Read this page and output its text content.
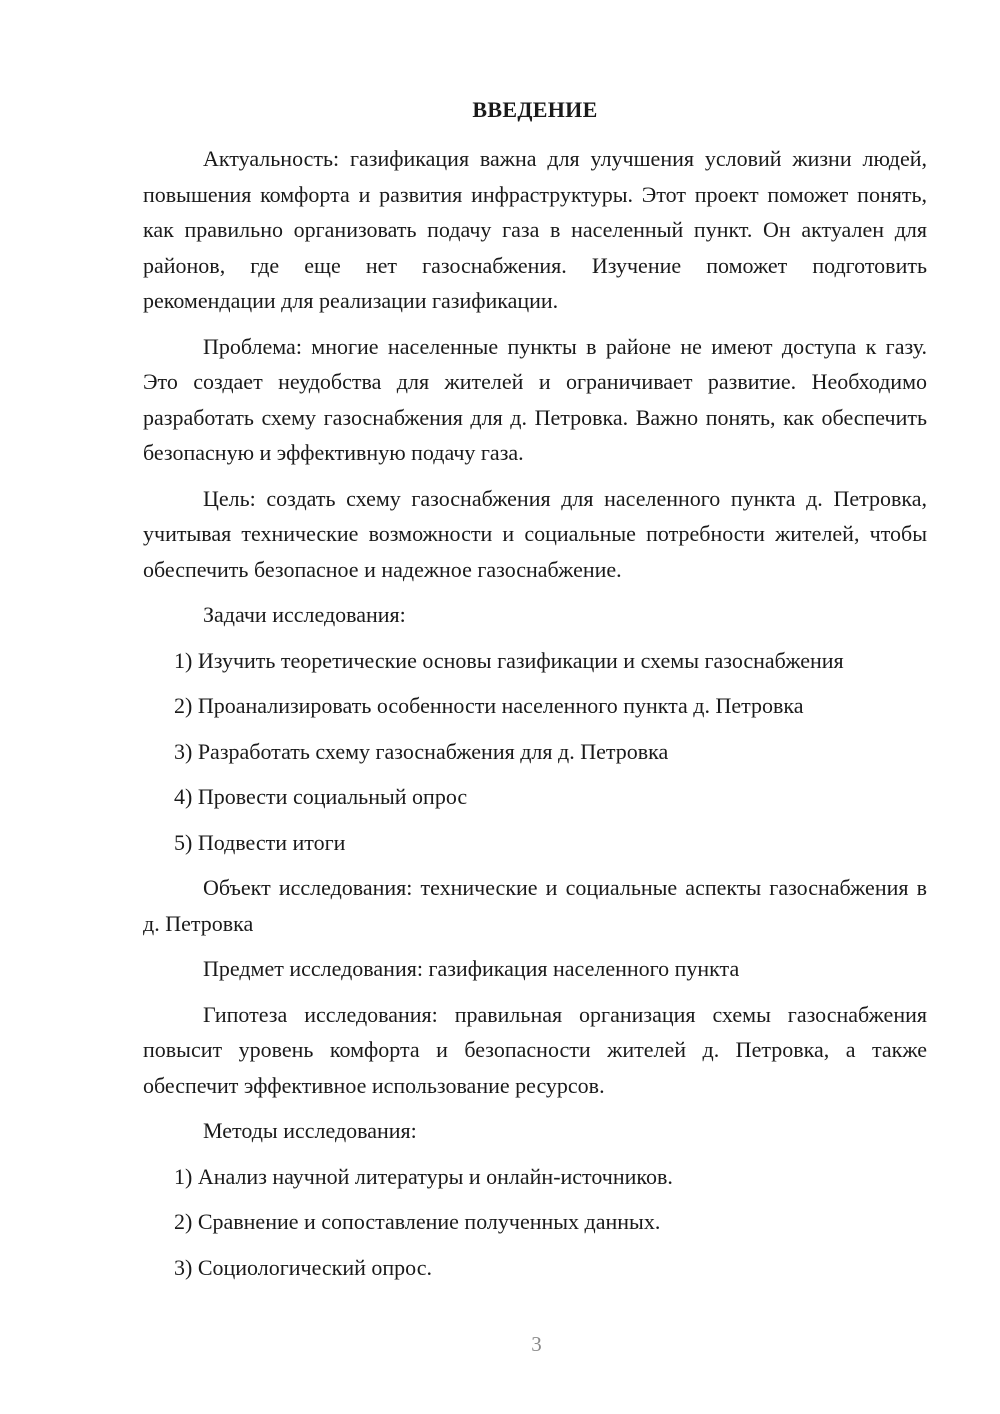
ВВЕДЕНИЕ

Актуальность: газификация важна для улучшения условий жизни людей, повышения комфорта и развития инфраструктуры. Этот проект поможет понять, как правильно организовать подачу газа в населенный пункт. Он актуален для районов, где еще нет газоснабжения. Изучение поможет подготовить рекомендации для реализации газификации.

Проблема: многие населенные пункты в районе не имеют доступа к газу. Это создает неудобства для жителей и ограничивает развитие. Необходимо разработать схему газоснабжения для д. Петровка. Важно понять, как обеспечить безопасную и эффективную подачу газа.

Цель: создать схему газоснабжения для населенного пункта д. Петровка, учитывая технические возможности и социальные потребности жителей, чтобы обеспечить безопасное и надежное газоснабжение.

Задачи исследования:

1) Изучить теоретические основы газификации и схемы газоснабжения
2) Проанализировать особенности населенного пункта д. Петровка
3) Разработать схему газоснабжения для д. Петровка
4) Провести социальный опрос
5) Подвести итоги

Объект исследования: технические и социальные аспекты газоснабжения в д. Петровка

Предмет исследования: газификация населенного пункта

Гипотеза исследования: правильная организация схемы газоснабжения повысит уровень комфорта и безопасности жителей д. Петровка, а также обеспечит эффективное использование ресурсов.

Методы исследования:

1) Анализ научной литературы и онлайн-источников.
2) Сравнение и сопоставление полученных данных.
3) Социологический опрос.
3
